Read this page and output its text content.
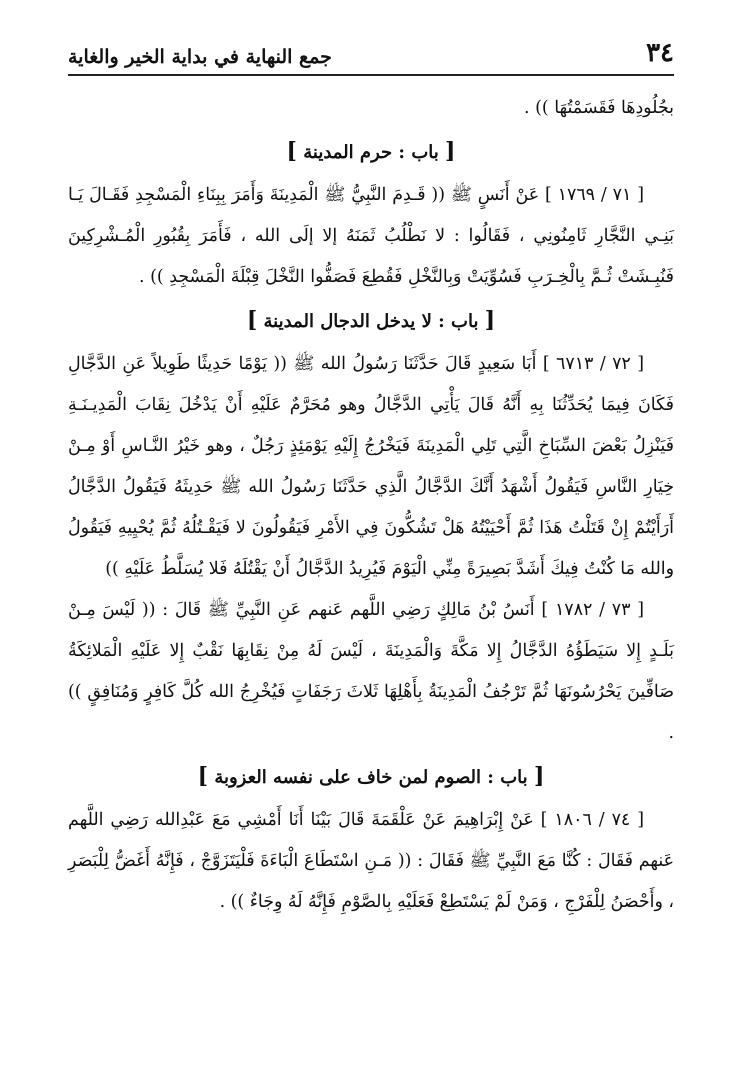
جمع النهاية في بداية الخير والغاية	٣٤

بجُلُودِهَا فَقَسَمْتُهَا )) .

[ باب : حرم المدينة ]

[ ٧١ / ١٧٦٩ ] عَنْ أَنَسٍ ﷺ (( قَـدِمَ النَّبِيُّ ﷺ الْمَدِينَةَ وَأَمَرَ بِبِنَاءِ الْمَسْجِدِ فَقَـالَ يَـا بَنِـي النَّجَّارِ ثَامِنُونِي ، فَقَالُوا : لا نَطْلُبُ ثَمَنَهُ إلا إلَى الله ، فَأَمَرَ بِقُبُورِ الْمُـشْرِكِينَ فَنُبِـشَتْ ثُـمَّ بِالْخِـرَبِ فَسُوِّيَتْ وَبِالنَّخْلِ فَقُطِعَ فَصَفُّوا النَّخْلَ قِبْلَةَ الْمَسْجِدِ )) .

[ باب : لا يدخل الدجال المدينة ]

[ ٧٢ / ٦٧١٣ ] أَبَا سَعِيدٍ قَالَ حَدَّثَنَا رَسُولُ الله ﷺ (( يَوْمًا حَدِيثًا طَوِيلاً عَنِ الدَّجَّالِ فَكَانَ فِيمَا يُحَدِّثُنَا بِهِ أَنَّهُ قَالَ يَأْتِي الدَّجَّالُ وهو مُحَرَّمٌ عَلَيْهِ أَنْ يَدْخُلَ نِقَابَ الْمَدِيـنَـةِ فَيَنْزِلُ بَعْضَ السِّبَاخِ الَّتِي تَلِي الْمَدِينَةَ فَيَخْرُجُ إِلَيْهِ يَوْمَئِذٍ رَجُلٌ ، وهو خَيْرُ النَّـاسِ أَوْ مِـنْ خِيَارِ النَّاسِ فَيَقُولُ أَشْهَدُ أَنَّكَ الدَّجَّالُ الَّذِي حَدَّثَنَا رَسُولُ الله ﷺ حَدِيثَهُ فَيَقُولُ الدَّجَّالُ أَرَأَيْتُمْ إِنْ قَتَلْتُ هَذَا ثُمَّ أَحْيَيْتُهُ هَلْ تَشُكُّونَ فِي الأَمْرِ فَيَقُولُونَ لا فَيَقْـتُلُهُ ثُمَّ يُحْيِيهِ فَيَقُولُ والله مَا كُنْتُ فِيكَ أَشَدَّ بَصِيرَةً مِنِّي الْيَوْمَ فَيُرِيدُ الدَّجَّالُ أَنْ يَقْتُلَهُ فَلا يُسَلَّطُ عَلَيْهِ ))

[ ٧٣ / ١٧٨٢ ] أَنَسُ بْنُ مَالِكٍ رَضِي اللَّهم عَنهم عَنِ النَّبِيِّ ﷺ قَالَ : (( لَيْسَ مِـنْ بَلَـدٍ إِلا سَيَطَؤُهُ الدَّجَّالُ إِلا مَكَّةَ وَالْمَدِينَةَ ، لَيْسَ لَهُ مِنْ نِقَابِهَا نَقْبٌ إِلا عَلَيْهِ الْمَلائِكَةُ صَافِّينَ يَحْرُسُونَهَا ثُمَّ تَرْجُفُ الْمَدِينَةُ بِأَهْلِهَا ثَلاثَ رَجَفَاتٍ فَيُخْرِجُ الله كُلَّ كَافِرٍ وَمُنَافِقٍ )) .

[ باب : الصوم لمن خاف على نفسه العزوبة ]

[ ٧٤ / ١٨٠٦ ] عَنْ إِبْرَاهِيمَ عَنْ عَلْقَمَةَ قَالَ بَيْنَا أَنَا أَمْشِي مَعَ عَبْدِالله رَضِي اللَّهم عَنهم فَقَالَ : كُنَّا مَعَ النَّبِيِّ ﷺ فَقَالَ : (( مَـنِ اسْتَطَاعَ الْبَاءَةَ فَلْيَتَزَوَّجْ ، فَإِنَّهُ أَغَضُّ لِلْبَصَرِ ، وأَحْصَنُ لِلْفَرْجِ ، وَمَنْ لَمْ يَسْتَطِعْ فَعَلَيْهِ بِالصَّوْمِ فَإِنَّهُ لَهُ وِجَاءٌ )) .
